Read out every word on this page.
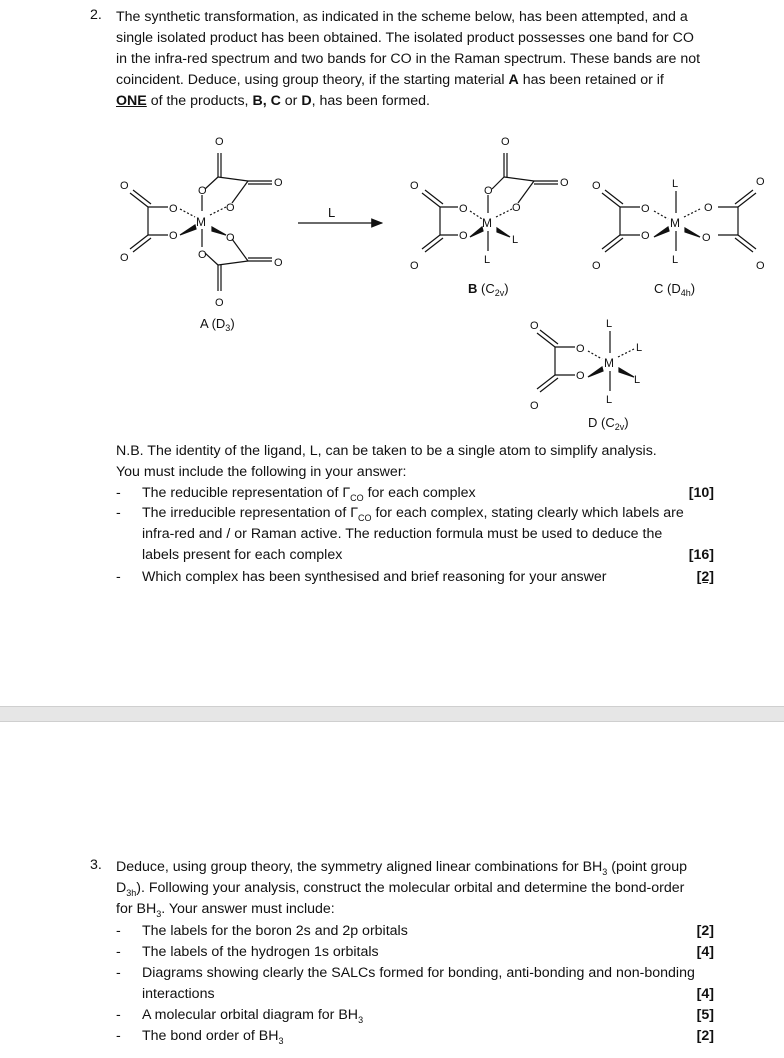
2. The synthetic transformation, as indicated in the scheme below, has been attempted, and a
single isolated product has been obtained. The isolated product possesses one band for CO
in the infra-red spectrum and two bands for CO in the Raman spectrum. These bands are not
coincident. Deduce, using group theory, if the starting material A has been retained or if
ONE of the products, B, C or D, has been formed.
O
O
O
O
O
O
O
O
O
O
O
O
M
A $(D_3)$
L
O
O
O
O
O
O
O
O
L
L
M
B $(C_{2v})$
O
O
O
O
O
O
O
O
L
L
M
C $(D_{4h})$
O
O
O
O
L
L
L
L
M
D $(C_{2v})$
N.B. The identity of the ligand, L, can be taken to be a single atom to simplify analysis.
You must include the following in your answer:
- The reducible representation of $\Gamma_{CO}$ for each complex	[10]
- The irreducible representation of $\Gamma_{CO}$ for each complex, stating clearly which labels are
infra-red and / or Raman active. The reduction formula must be used to deduce the
labels present for each complex	[16]
- Which complex has been synthesised and brief reasoning for your answer	[2]
3. Deduce, using group theory, the symmetry aligned linear combinations for $BH_3$ (point group
$D_{3h}$). Following your analysis, construct the molecular orbital and determine the bond-order
for $BH_3$. Your answer must include:
- The labels for the boron 2s and 2p orbitals	[2]
- The labels of the hydrogen 1s orbitals	[4]
- Diagrams showing clearly the SALCs formed for bonding, anti-bonding and non-bonding
interactions	[4]
- A molecular orbital diagram for $BH_3$	[5]
- The bond order of $BH_3$	[2]
